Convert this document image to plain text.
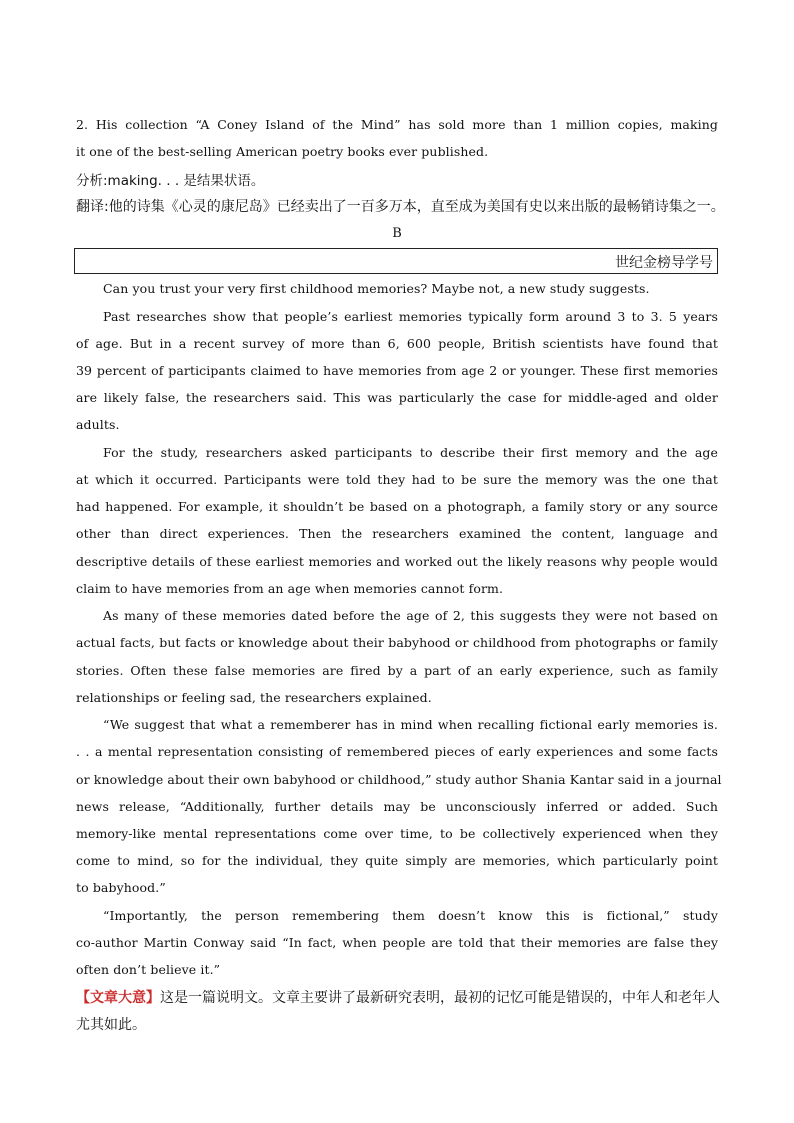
2. His collection “A Coney Island of the Mind” has sold more than 1 million copies, making
it one of the best-selling American poetry books ever published.
分析:making. . . 是结果状语。
翻译:他的诗集《心灵的康尼岛》已经卖出了一百多万本，直至成为美国有史以来出版的最畅销诗集之一。
B
世纪金榜导学号
Can you trust your very first childhood memories? Maybe not, a new study suggests.
Past researches show that people’s earliest memories typically form around 3 to 3. 5 years
of age. But in a recent survey of more than 6, 600 people, British scientists have found that
39 percent of participants claimed to have memories from age 2 or younger. These first memories
are likely false, the researchers said. This was particularly the case for middle-aged and older
adults.
For the study, researchers asked participants to describe their first memory and the age
at which it occurred. Participants were told they had to be sure the memory was the one that
had happened. For example, it shouldn’t be based on a photograph, a family story or any source
other than direct experiences. Then the researchers examined the content, language and
descriptive details of these earliest memories and worked out the likely reasons why people would
claim to have memories from an age when memories cannot form.
As many of these memories dated before the age of 2, this suggests they were not based on
actual facts, but facts or knowledge about their babyhood or childhood from photographs or family
stories. Often these false memories are fired by a part of an early experience, such as family
relationships or feeling sad, the researchers explained.
“We suggest that what a rememberer has in mind when recalling fictional early memories is.
. . a mental representation consisting of remembered pieces of early experiences and some facts
or knowledge about their own babyhood or childhood,” study author Shania Kantar said in a journal
news release, “Additionally, further details may be unconsciously inferred or added. Such
memory-like mental representations come over time, to be collectively experienced when they
come to mind, so for the individual, they quite simply are memories, which particularly point
to babyhood.”
“Importantly, the person remembering them doesn’t know this is fictional,” study
co-author Martin Conway said “In fact, when people are told that their memories are false they
often don’t believe it.”
【文章大意】这是一篇说明文。文章主要讲了最新研究表明，最初的记忆可能是错误的，中年人和老年人
尤其如此。
